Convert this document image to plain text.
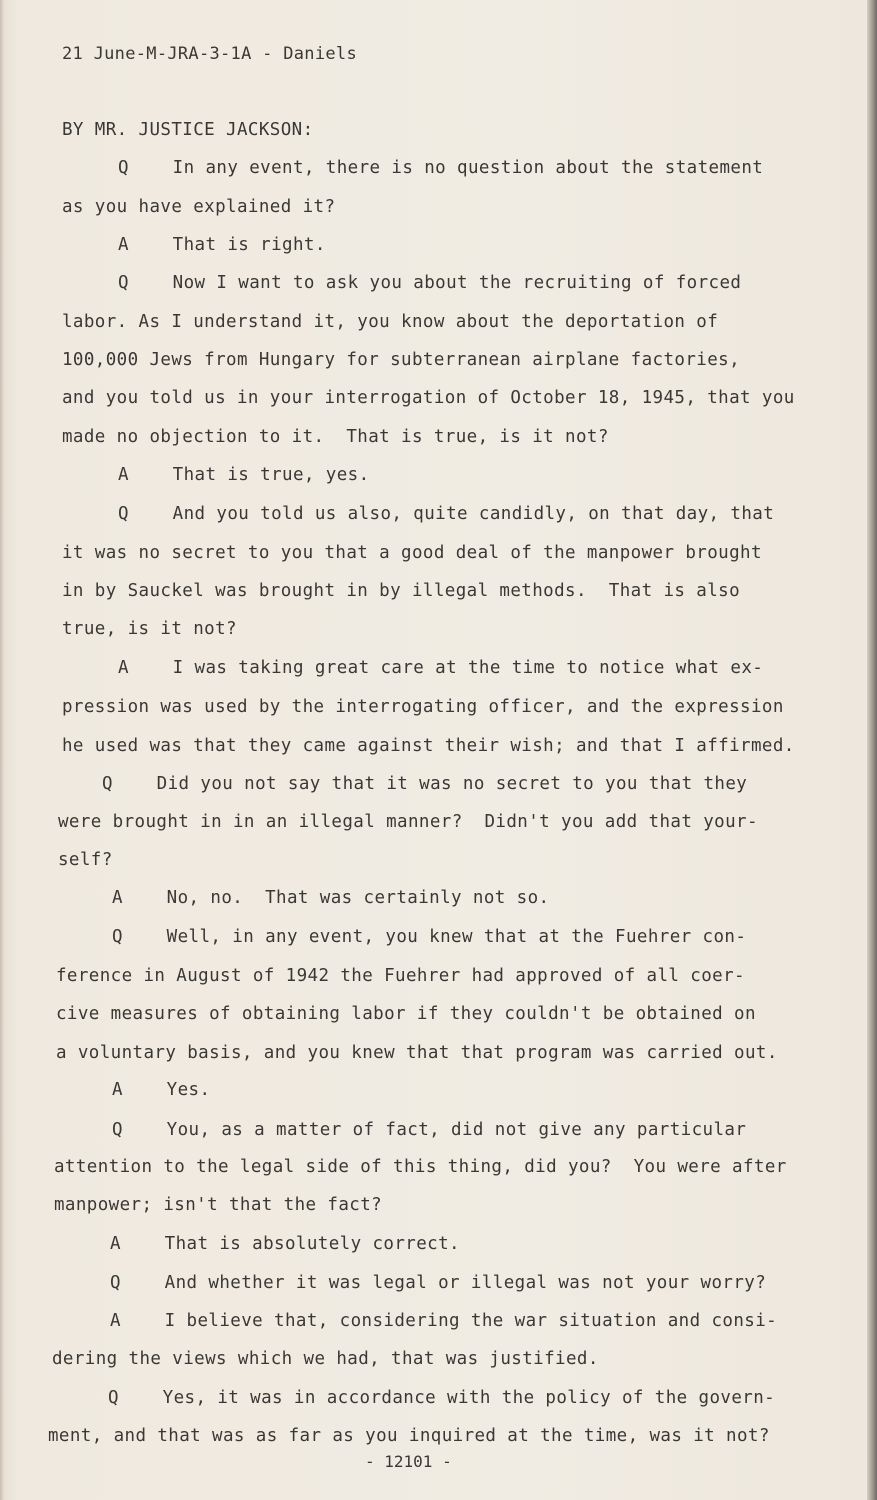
21 June-M-JRA-3-1A - Daniels
BY MR. JUSTICE JACKSON:
Q    In any event, there is no question about the statement
as you have explained it?
A    That is right.
Q    Now I want to ask you about the recruiting of forced
labor. As I understand it, you know about the deportation of
100,000 Jews from Hungary for subterranean airplane factories,
and you told us in your interrogation of October 18, 1945, that you
made no objection to it.  That is true, is it not?
A    That is true, yes.
Q    And you told us also, quite candidly, on that day, that
it was no secret to you that a good deal of the manpower brought
in by Sauckel was brought in by illegal methods.  That is also
true, is it not?
A    I was taking great care at the time to notice what ex-
pression was used by the interrogating officer, and the expression
he used was that they came against their wish; and that I affirmed.
Q    Did you not say that it was no secret to you that they
were brought in in an illegal manner?  Didn't you add that your-
self?
A    No, no.  That was certainly not so.
Q    Well, in any event, you knew that at the Fuehrer con-
ference in August of 1942 the Fuehrer had approved of all coer-
cive measures of obtaining labor if they couldn't be obtained on
a voluntary basis, and you knew that that program was carried out.
A    Yes.
Q    You, as a matter of fact, did not give any particular
attention to the legal side of this thing, did you?  You were after
manpower; isn't that the fact?
A    That is absolutely correct.
Q    And whether it was legal or illegal was not your worry?
A    I believe that, considering the war situation and consi-
dering the views which we had, that was justified.
Q    Yes, it was in accordance with the policy of the govern-
ment, and that was as far as you inquired at the time, was it not?
- 12101 -
